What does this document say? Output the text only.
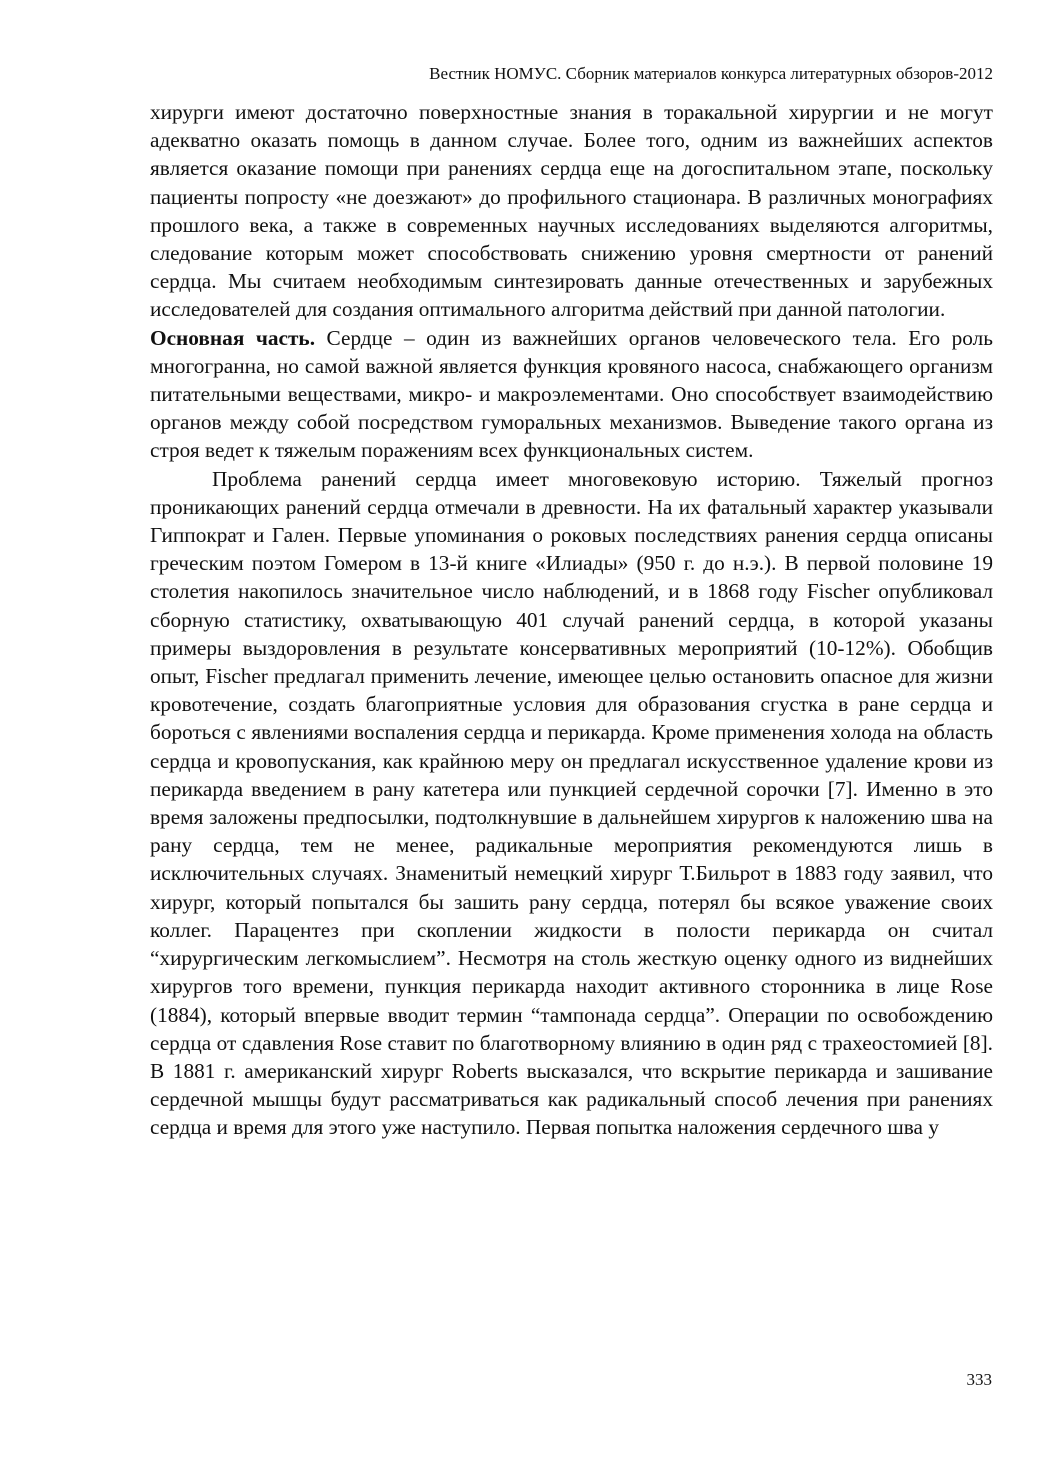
Вестник НОМУС. Сборник материалов конкурса литературных обзоров-2012

хирурги имеют достаточно поверхностные знания в торакальной хирургии и не могут адекватно оказать помощь в данном случае. Более того, одним из важнейших аспектов является оказание помощи при ранениях сердца еще на догоспитальном этапе, поскольку пациенты попросту «не доезжают» до профильного стационара. В различных монографиях прошлого века, а также в современных научных исследованиях выделяются алгоритмы, следование которым может способствовать снижению уровня смертности от ранений сердца. Мы считаем необходимым синтезировать данные отечественных и зарубежных исследователей для создания оптимального алгоритма действий при данной патологии.

Основная часть. Сердце – один из важнейших органов человеческого тела. Его роль многогранна, но самой важной является функция кровяного насоса, снабжающего организм питательными веществами, микро- и макроэлементами. Оно способствует взаимодействию органов между собой посредством гуморальных механизмов. Выведение такого органа из строя ведет к тяжелым поражениям всех функциональных систем.

Проблема ранений сердца имеет многовековую историю. Тяжелый прогноз проникающих ранений сердца отмечали в древности. На их фатальный характер указывали Гиппократ и Гален. Первые упоминания о роковых последствиях ранения сердца описаны греческим поэтом Гомером в 13-й книге «Илиады» (950 г. до н.э.). В первой половине 19 столетия накопилось значительное число наблюдений, и в 1868 году Fischer опубликовал сборную статистику, охватывающую 401 случай ранений сердца, в которой указаны примеры выздоровления в результате консервативных мероприятий (10-12%). Обобщив опыт, Fischer предлагал применить лечение, имеющее целью остановить опасное для жизни кровотечение, создать благоприятные условия для образования сгустка в ране сердца и бороться с явлениями воспаления сердца и перикарда. Кроме применения холода на область сердца и кровопускания, как крайнюю меру он предлагал искусственное удаление крови из перикарда введением в рану катетера или пункцией сердечной сорочки [7]. Именно в это время заложены предпосылки, подтолкнувшие в дальнейшем хирургов к наложению шва на рану сердца, тем не менее, радикальные мероприятия рекомендуются лишь в исключительных случаях. Знаменитый немецкий хирург Т.Бильрот в 1883 году заявил, что хирург, который попытался бы зашить рану сердца, потерял бы всякое уважение своих коллег. Парацентез при скоплении жидкости в полости перикарда он считал “хирургическим легкомыслием”. Несмотря на столь жесткую оценку одного из виднейших хирургов того времени, пункция перикарда находит активного сторонника в лице Rose (1884), который впервые вводит термин “тампонада сердца”. Операции по освобождению сердца от сдавления Rose ставит по благотворному влиянию в один ряд с трахеостомией [8]. В 1881 г. американский хирург Roberts высказался, что вскрытие перикарда и зашивание сердечной мышцы будут рассматриваться как радикальный способ лечения при ранениях сердца и время для этого уже наступило. Первая попытка наложения сердечного шва у

333
